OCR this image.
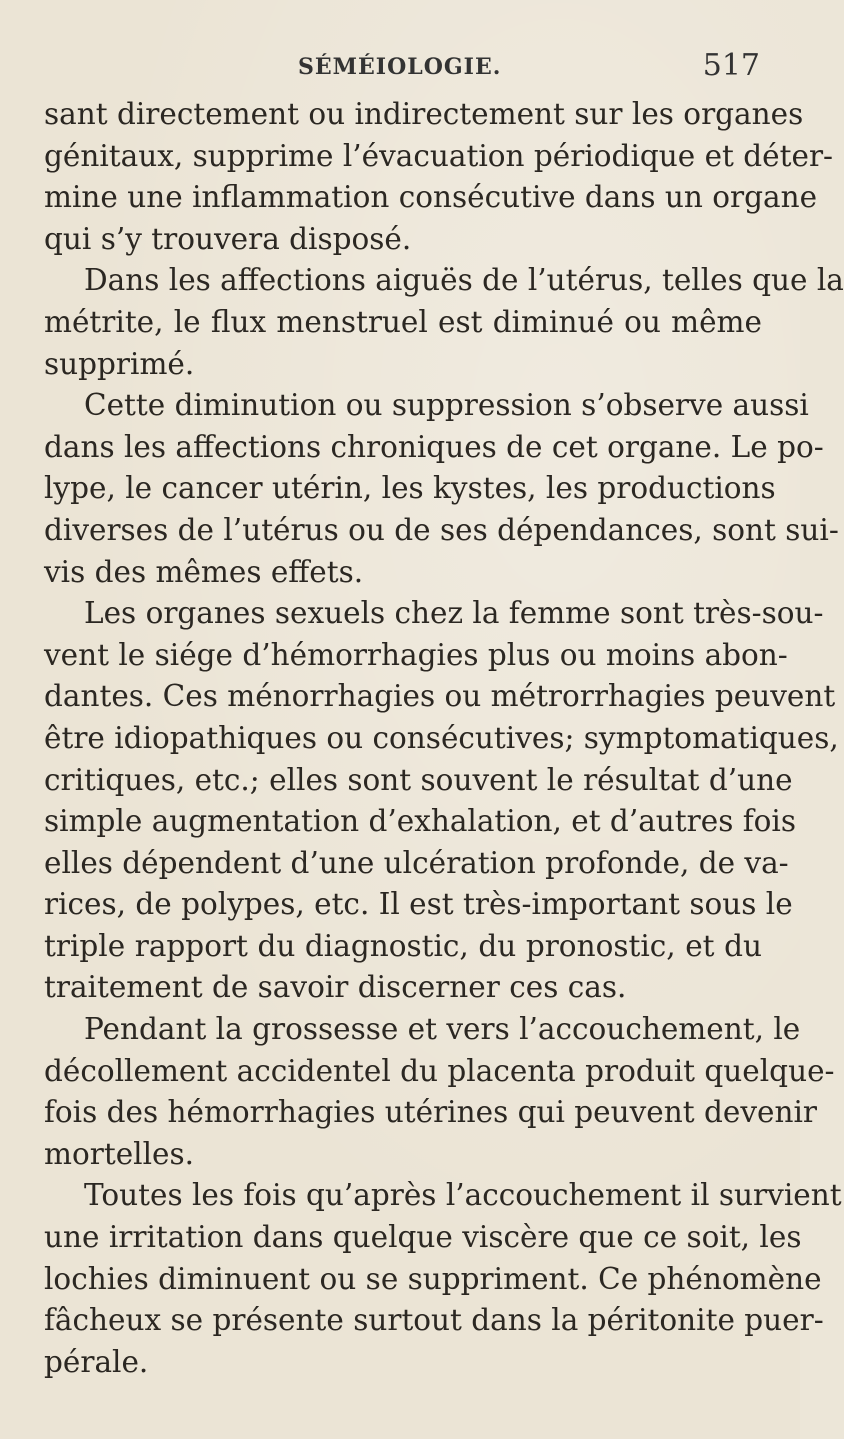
SÉMÉIOLOGIE.	517
sant directement ou indirectement sur les organes
génitaux, supprime l’évacuation périodique et déter-
mine une inflammation consécutive dans un organe
qui s’y trouvera disposé.
Dans les affections aiguës de l’utérus, telles que la
métrite, le flux menstruel est diminué ou même
supprimé.
Cette diminution ou suppression s’observe aussi
dans les affections chroniques de cet organe. Le po-
lype, le cancer utérin, les kystes, les productions
diverses de l’utérus ou de ses dépendances, sont sui-
vis des mêmes effets.
Les organes sexuels chez la femme sont très-sou-
vent le siége d’hémorrhagies plus ou moins abon-
dantes. Ces ménorrhagies ou métrorrhagies peuvent
être idiopathiques ou consécutives; symptomatiques,
critiques, etc.; elles sont souvent le résultat d’une
simple augmentation d’exhalation, et d’autres fois
elles dépendent d’une ulcération profonde, de va-
rices, de polypes, etc. Il est très-important sous le
triple rapport du diagnostic, du pronostic, et du
traitement de savoir discerner ces cas.
Pendant la grossesse et vers l’accouchement, le
décollement accidentel du placenta produit quelque-
fois des hémorrhagies utérines qui peuvent devenir
mortelles.
Toutes les fois qu’après l’accouchement il survient
une irritation dans quelque viscère que ce soit, les
lochies diminuent ou se suppriment. Ce phénomène
fâcheux se présente surtout dans la péritonite puer-
pérale.
